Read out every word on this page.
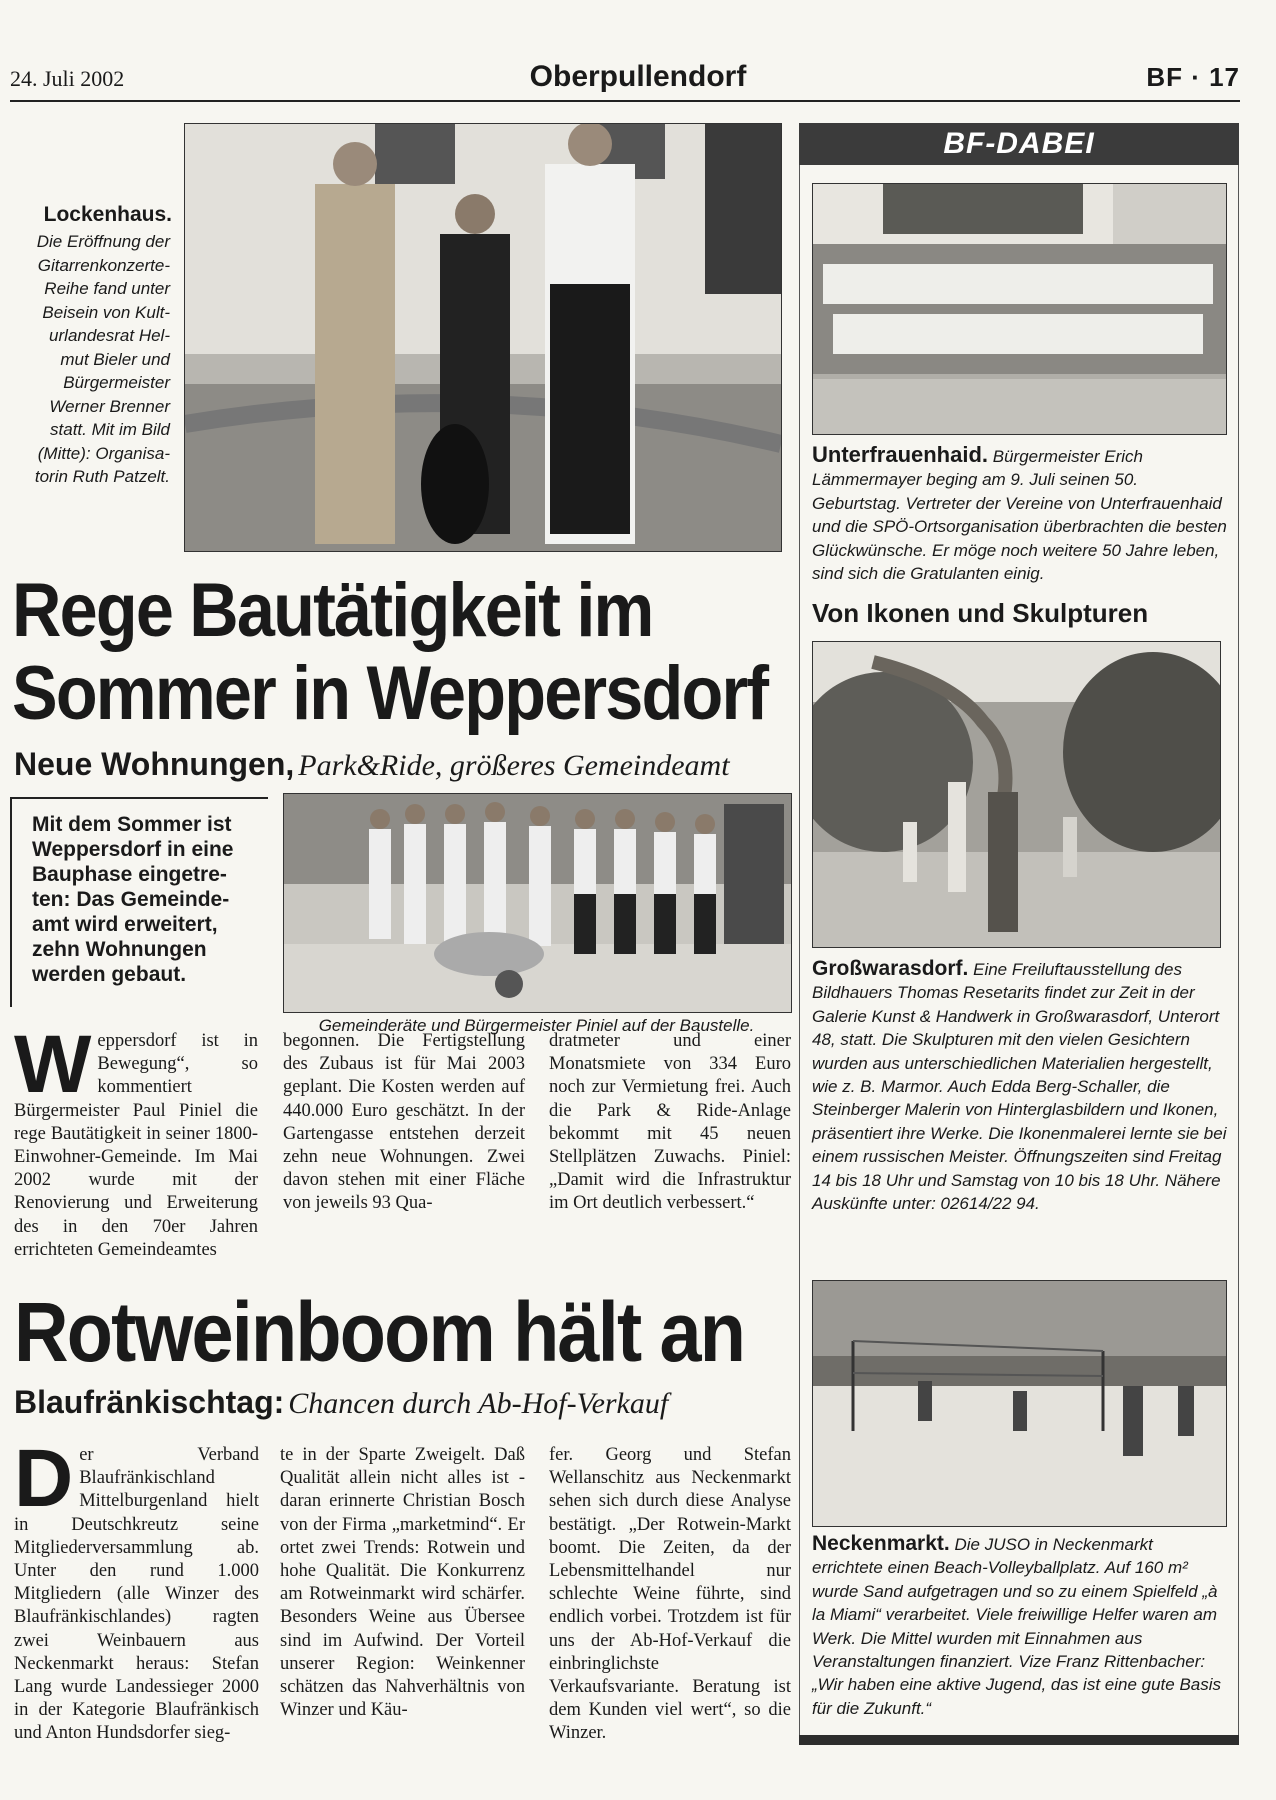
24. Juli 2002	Oberpullendorf	BF · 17
Lockenhaus.
Die Eröffnung der
Gitarrenkonzerte-
Reihe fand unter
Beisein von Kult-
urlandesrat Hel-
mut Bieler und
Bürgermeister
Werner Brenner
statt. Mit im Bild
(Mitte): Organisa-
torin Ruth Patzelt.
Rege Bautätigkeit im
Sommer in Weppersdorf
Neue Wohnungen, Park&Ride, größeres Gemeindeamt
Mit dem Sommer ist
Weppersdorf in eine
Bauphase eingetre-
ten: Das Gemeinde-
amt wird erweitert,
zehn Wohnungen
werden gebaut.
Gemeinderäte und Bürgermeister Piniel auf der Baustelle.
Weppersdorf ist in Bewegung“, so kommentiert Bürgermeister Paul Piniel die rege Bautätigkeit in seiner 1800-Einwohner-Gemeinde. Im Mai 2002 wurde mit der Renovierung und Erweiterung des in den 70er Jahren errichteten Gemeindeamtes
begonnen. Die Fertigstellung des Zubaus ist für Mai 2003 geplant. Die Kosten werden auf 440.000 Euro geschätzt. In der Gartengasse entstehen derzeit zehn neue Wohnungen. Zwei davon stehen mit einer Fläche von jeweils 93 Qua-
dratmeter und einer Monatsmiete von 334 Euro noch zur Vermietung frei. Auch die Park & Ride-Anlage bekommt mit 45 neuen Stellplätzen Zuwachs. Piniel: „Damit wird die Infrastruktur im Ort deutlich verbessert.“
Rotweinboom hält an
Blaufränkischtag: Chancen durch Ab-Hof-Verkauf
Der Verband Blaufränkischland Mittelburgenland hielt in Deutschkreutz seine Mitgliederversammlung ab. Unter den rund 1.000 Mitgliedern (alle Winzer des Blaufränkischlandes) ragten zwei Weinbauern aus Neckenmarkt heraus: Stefan Lang wurde Landessieger 2000 in der Kategorie Blaufränkisch und Anton Hundsdorfer sieg-
te in der Sparte Zweigelt. Daß Qualität allein nicht alles ist - daran erinnerte Christian Bosch von der Firma „marketmind“. Er ortet zwei Trends: Rotwein und hohe Qualität. Die Konkurrenz am Rotweinmarkt wird schärfer. Besonders Weine aus Übersee sind im Aufwind. Der Vorteil unserer Region: Weinkenner schätzen das Nahverhältnis von Winzer und Käu-
fer. Georg und Stefan Wellanschitz aus Neckenmarkt sehen sich durch diese Analyse bestätigt. „Der Rotwein-Markt boomt. Die Zeiten, da der Lebensmittelhandel nur schlechte Weine führte, sind endlich vorbei. Trotzdem ist für uns der Ab-Hof-Verkauf die einbringlichste Verkaufsvariante. Beratung ist dem Kunden viel wert“, so die Winzer.
BF-DABEI
Unterfrauenhaid. Bürgermeister Erich Lämmermayer beging am 9. Juli seinen 50. Geburtstag. Vertreter der Vereine von Unterfrauenhaid und die SPÖ-Ortsorganisation überbrachten die besten Glückwünsche. Er möge noch weitere 50 Jahre leben, sind sich die Gratulanten einig.
Von Ikonen und Skulpturen
Großwarasdorf. Eine Freiluftausstellung des Bildhauers Thomas Resetarits findet zur Zeit in der Galerie Kunst & Handwerk in Großwarasdorf, Unterort 48, statt. Die Skulpturen mit den vielen Gesichtern wurden aus unterschiedlichen Materialien hergestellt, wie z. B. Marmor. Auch Edda Berg-Schaller, die Steinberger Malerin von Hinterglasbildern und Ikonen, präsentiert ihre Werke. Die Ikonenmalerei lernte sie bei einem russischen Meister. Öffnungszeiten sind Freitag 14 bis 18 Uhr und Samstag von 10 bis 18 Uhr. Nähere Auskünfte unter: 02614/22 94.
Neckenmarkt. Die JUSO in Neckenmarkt errichtete einen Beach-Volleyballplatz. Auf 160 m² wurde Sand aufgetragen und so zu einem Spielfeld „à la Miami“ verarbeitet. Viele freiwillige Helfer waren am Werk. Die Mittel wurden mit Einnahmen aus Veranstaltungen finanziert. Vize Franz Rittenbacher: „Wir haben eine aktive Jugend, das ist eine gute Basis für die Zukunft.“
